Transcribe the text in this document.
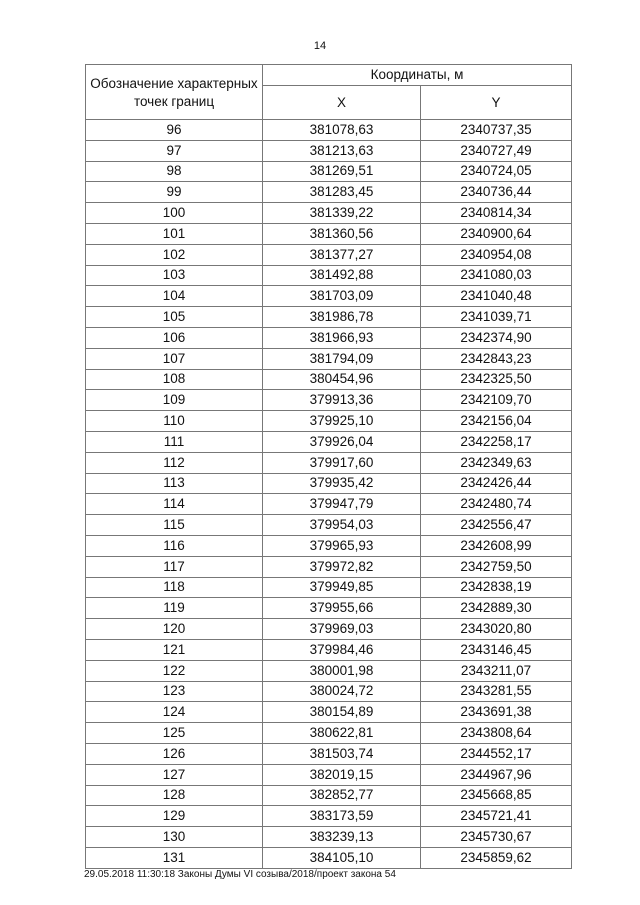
14
Обозначение характерных точек границ	Координаты, м	
	X	Y
96	381078,63	2340737,35
97	381213,63	2340727,49
98	381269,51	2340724,05
99	381283,45	2340736,44
100	381339,22	2340814,34
101	381360,56	2340900,64
102	381377,27	2340954,08
103	381492,88	2341080,03
104	381703,09	2341040,48
105	381986,78	2341039,71
106	381966,93	2342374,90
107	381794,09	2342843,23
108	380454,96	2342325,50
109	379913,36	2342109,70
110	379925,10	2342156,04
111	379926,04	2342258,17
112	379917,60	2342349,63
113	379935,42	2342426,44
114	379947,79	2342480,74
115	379954,03	2342556,47
116	379965,93	2342608,99
117	379972,82	2342759,50
118	379949,85	2342838,19
119	379955,66	2342889,30
120	379969,03	2343020,80
121	379984,46	2343146,45
122	380001,98	2343211,07
123	380024,72	2343281,55
124	380154,89	2343691,38
125	380622,81	2343808,64
126	381503,74	2344552,17
127	382019,15	2344967,96
128	382852,77	2345668,85
129	383173,59	2345721,41
130	383239,13	2345730,67
131	384105,10	2345859,62
29.05.2018 11:30:18 Законы Думы VI созыва/2018/проект закона 54
